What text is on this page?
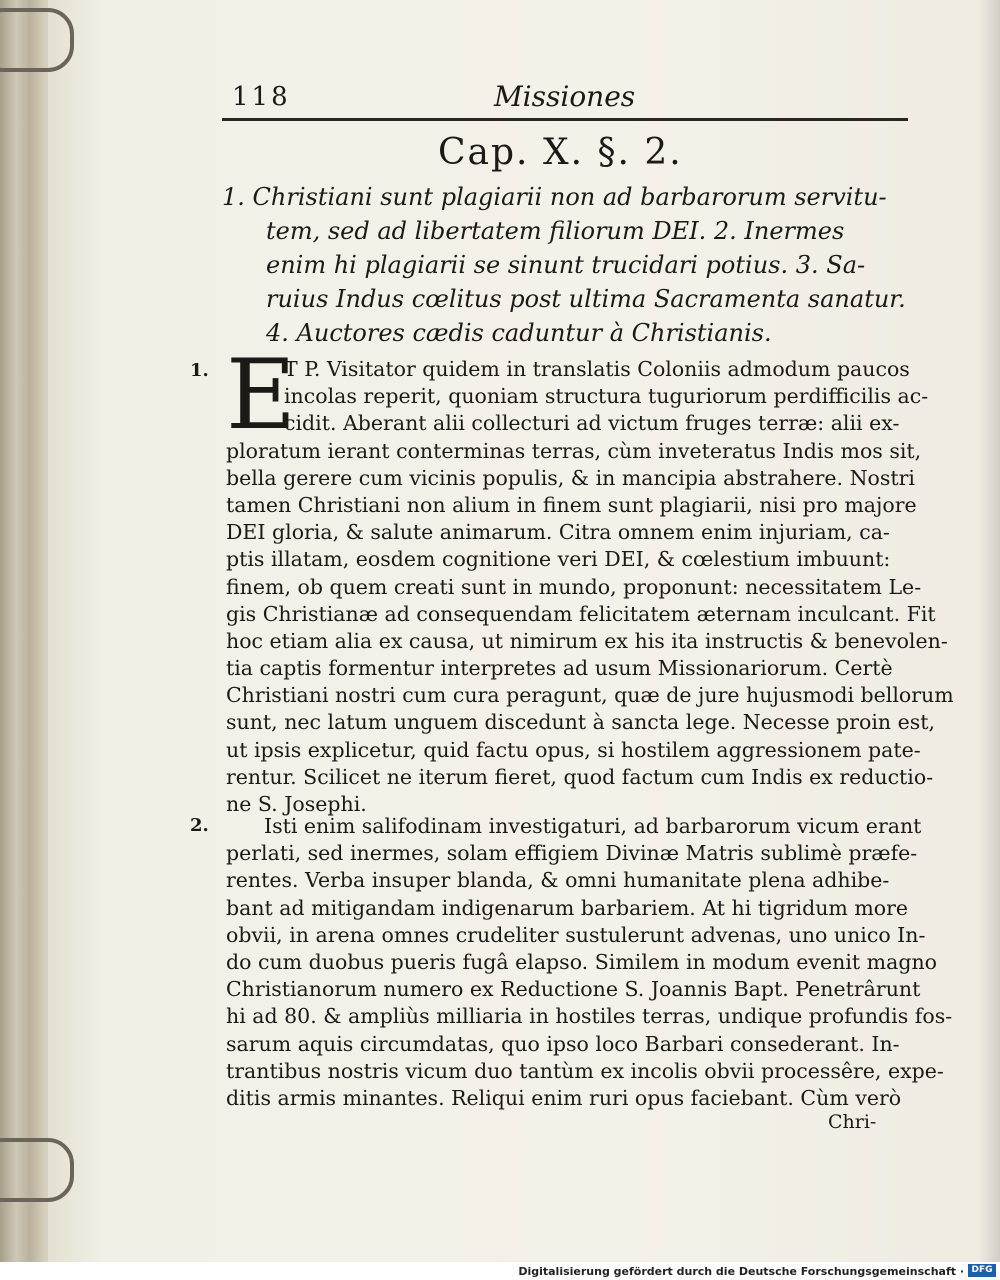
118	Missiones
Cap. X. §. 2.
1. Christiani sunt plagiarii non ad barbarorum servitu-
tem, sed ad libertatem filiorum DEI. 2. Inermes
enim hi plagiarii se sinunt trucidari potius. 3. Sa-
ruius Indus cœlitus post ultima Sacramenta sanatur.
4. Auctores cædis caduntur à Christianis.
1. E
T P. Visitator quidem in translatis Coloniis admodum paucos
incolas reperit, quoniam structura tuguriorum perdifficilis ac-
cidit. Aberant alii collecturi ad victum fruges terræ: alii ex-
ploratum ierant conterminas terras, cùm inveteratus Indis mos sit,
bella gerere cum vicinis populis, & in mancipia abstrahere. Nostri
tamen Christiani non alium in finem sunt plagiarii, nisi pro majore
DEI gloria, & salute animarum. Citra omnem enim injuriam, ca-
ptis illatam, eosdem cognitione veri DEI, & cœlestium imbuunt:
finem, ob quem creati sunt in mundo, proponunt: necessitatem Le-
gis Christianæ ad consequendam felicitatem æternam inculcant. Fit
hoc etiam alia ex causa, ut nimirum ex his ita instructis & benevolen-
tia captis formentur interpretes ad usum Missionariorum. Certè
Christiani nostri cum cura peragunt, quæ de jure hujusmodi bellorum
sunt, nec latum unguem discedunt à sancta lege. Necesse proin est,
ut ipsis explicetur, quid factu opus, si hostilem aggressionem pate-
rentur. Scilicet ne iterum fieret, quod factum cum Indis ex reductio-
ne S. Josephi.
2.	Isti enim salifodinam investigaturi, ad barbarorum vicum erant
perlati, sed inermes, solam effigiem Divinæ Matris sublimè præfe-
rentes. Verba insuper blanda, & omni humanitate plena adhibe-
bant ad mitigandam indigenarum barbariem. At hi tigridum more
obvii, in arena omnes crudeliter sustulerunt advenas, uno unico In-
do cum duobus pueris fugâ elapso. Similem in modum evenit magno
Christianorum numero ex Reductione S. Joannis Bapt. Penetrârunt
hi ad 80. & ampliùs milliaria in hostiles terras, undique profundis fos-
sarum aquis circumdatas, quo ipso loco Barbari consederant. In-
trantibus nostris vicum duo tantùm ex incolis obvii processêre, expe-
ditis armis minantes. Reliqui enim ruri opus faciebant. Cùm verò
Chri-
Digitalisierung gefördert durch die Deutsche Forschungsgemeinschaft · DFG
